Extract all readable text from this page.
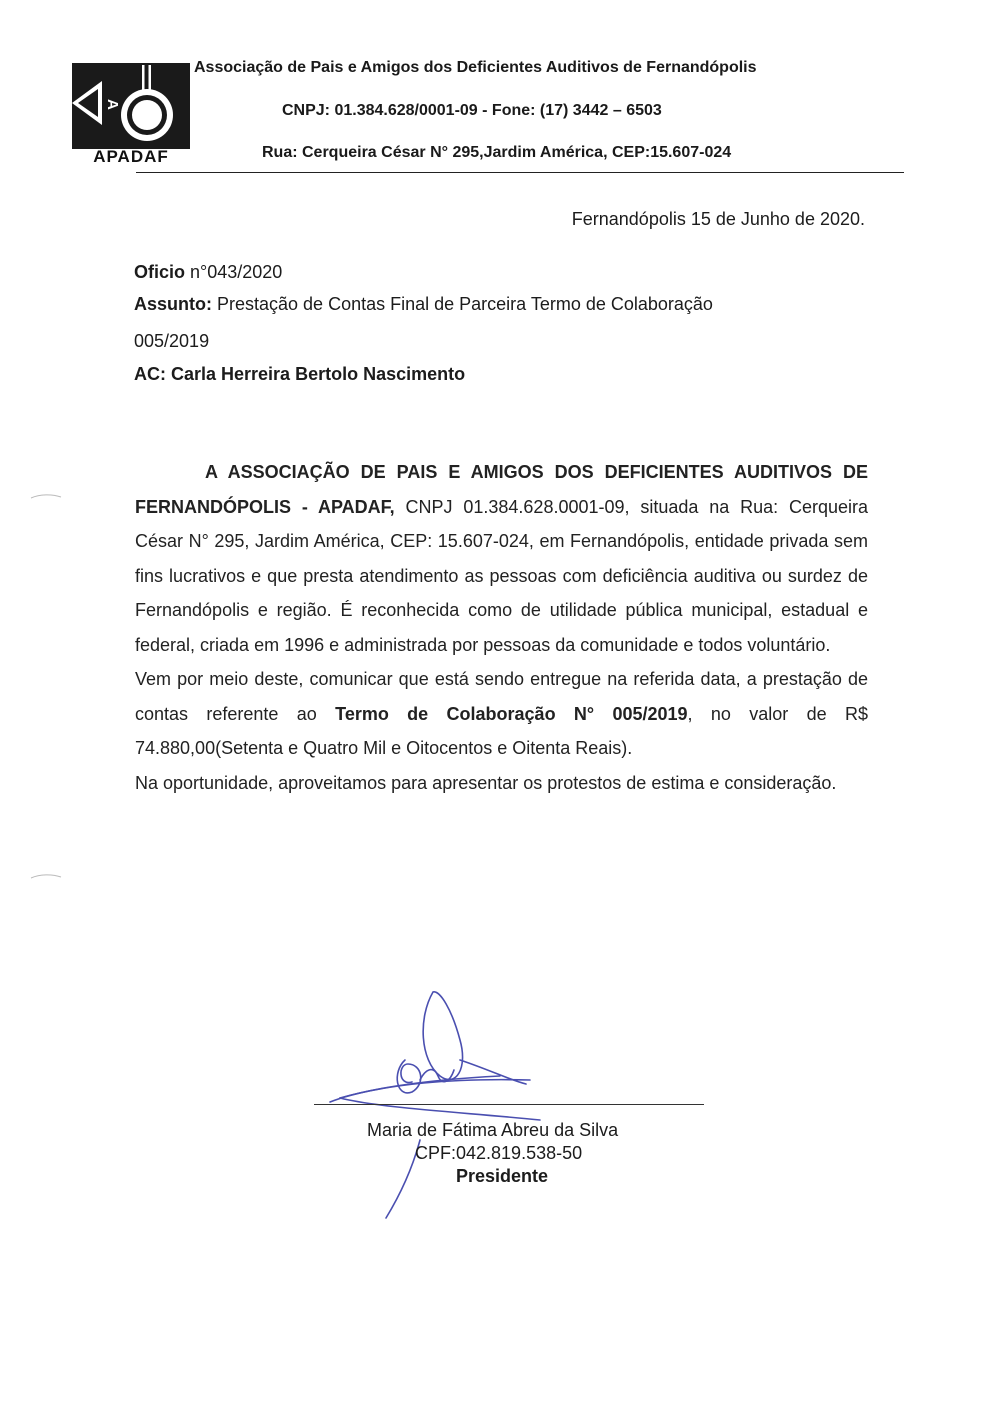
A
APADAF
Associação de Pais e Amigos dos Deficientes Auditivos de Fernandópolis
CNPJ: 01.384.628/0001-09 - Fone: (17) 3442 – 6503
Rua: Cerqueira César N° 295,Jardim América, CEP:15.607-024
Fernandópolis 15 de Junho de 2020.
Oficio n°043/2020
Assunto: Prestação de Contas Final de Parceira Termo de Colaboração
005/2019
AC: Carla Herreira Bertolo Nascimento

A ASSOCIAÇÃO DE PAIS E AMIGOS DOS DEFICIENTES AUDITIVOS DE FERNANDÓPOLIS - APADAF, CNPJ 01.384.628.0001-09, situada na Rua: Cerqueira César N° 295, Jardim América, CEP: 15.607-024, em Fernandópolis, entidade privada sem fins lucrativos e que presta atendimento as pessoas com deficiência auditiva ou surdez de Fernandópolis e região. É reconhecida como de utilidade pública municipal, estadual e federal, criada em 1996 e administrada por pessoas da comunidade e todos voluntário.

Vem por meio deste, comunicar que está sendo entregue na referida data, a prestação de contas referente ao Termo de Colaboração N° 005/2019, no valor de R$ 74.880,00(Setenta e Quatro Mil e Oitocentos e Oitenta Reais).

Na oportunidade, aproveitamos para apresentar os protestos de estima e consideração.

Maria de Fátima Abreu da Silva
CPF:042.819.538-50
Presidente
